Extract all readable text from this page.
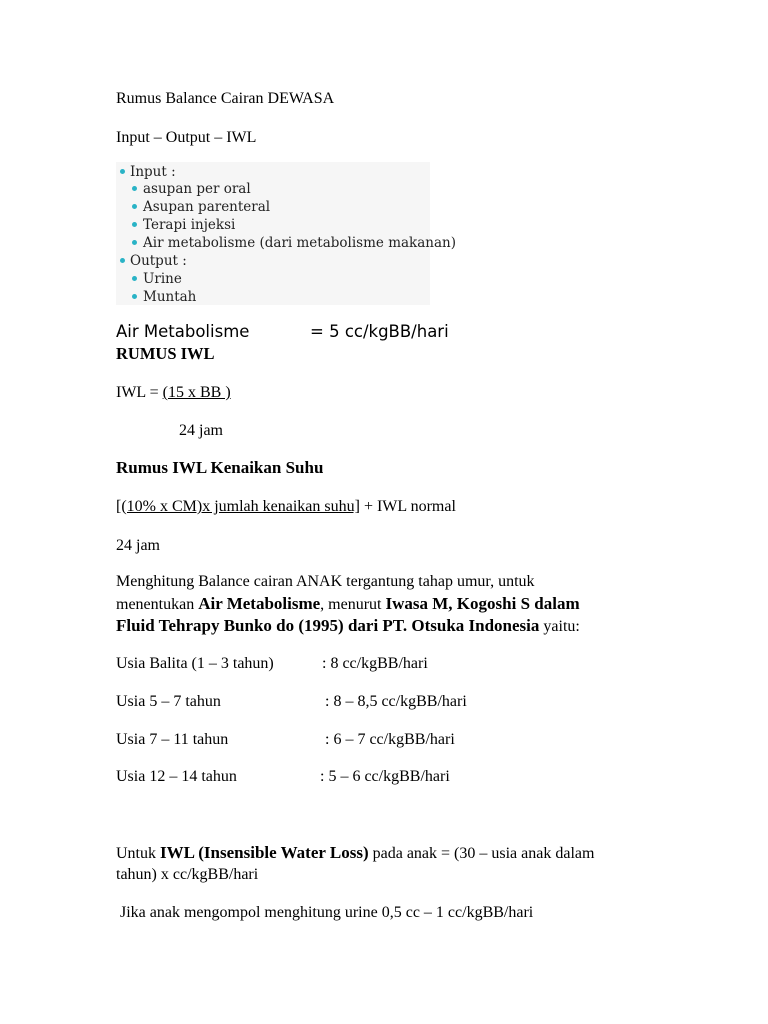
Rumus Balance Cairan DEWASA
Input – Output – IWL
Input :
asupan per oral
Asupan parenteral
Terapi injeksi
Air metabolisme (dari metabolisme makanan)
Output :
Urine
Muntah
Air Metabolisme	= 5 cc/kgBB/hari
RUMUS IWL
IWL = (15 x BB )
24 jam
Rumus IWL Kenaikan Suhu
[(10% x CM)x jumlah kenaikan suhu] + IWL normal
24 jam
Menghitung Balance cairan ANAK tergantung tahap umur, untuk
menentukan Air Metabolisme, menurut Iwasa M, Kogoshi S dalam
Fluid Tehrapy Bunko do (1995) dari PT. Otsuka Indonesia yaitu:
Usia Balita (1 – 3 tahun)	: 8 cc/kgBB/hari
Usia 5 – 7 tahun	: 8 – 8,5 cc/kgBB/hari
Usia 7 – 11 tahun	: 6 – 7 cc/kgBB/hari
Usia 12 – 14 tahun	: 5 – 6 cc/kgBB/hari
Untuk IWL (Insensible Water Loss) pada anak = (30 – usia anak dalam
tahun) x cc/kgBB/hari
Jika anak mengompol menghitung urine 0,5 cc – 1 cc/kgBB/hari
